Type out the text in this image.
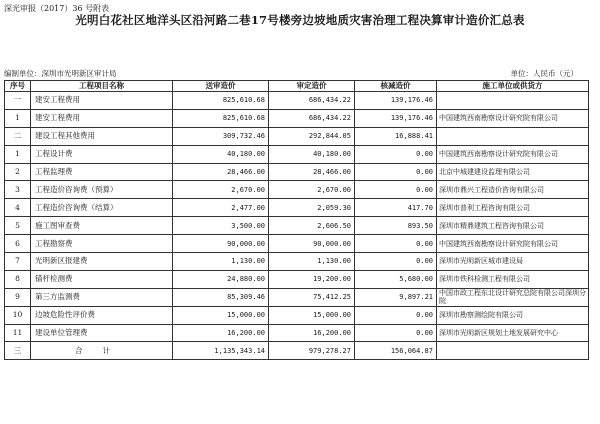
深光审报（2017）36 号附表
光明白花社区地洋头区沿河路二巷17号楼旁边坡地质灾害治理工程决算审计造价汇总表
编制单位：深圳市光明新区审计局	单位：人民币（元）
序号	工程项目名称	送审造价	审定造价	核减造价	施工单位或供货方
一	建安工程费用	825,610.68	686,434.22	139,176.46	
1	建安工程费用	825,610.68	686,434.22	139,176.46	中国建筑西南勘察设计研究院有限公司
二	建设工程其他费用	309,732.46	292,844.05	16,888.41	
1	工程设计费	40,180.00	40,180.00	0.00	中国建筑西南勘察设计研究院有限公司
2	工程监理费	28,466.00	28,466.00	0.00	北京中城建建设监理有限公司
3	工程造价咨询费（预算）	2,670.00	2,670.00	0.00	深圳市鼎兴工程造价咨询有限公司
4	工程造价咨询费（结算）	2,477.00	2,059.30	417.70	深圳市普利工程咨询有限公司
5	施工图审查费	3,500.00	2,606.50	893.50	深圳市精鼎建筑工程咨询有限公司
6	工程勘察费	90,000.00	90,000.00	0.00	中国建筑西南勘察设计研究院有限公司
7	光明新区报建费	1,130.00	1,130.00	0.00	深圳市光明新区城市建设局
8	锚杆检测费	24,880.00	19,200.00	5,680.00	深圳市铁科检测工程有限公司
9	第三方监测费	85,309.46	75,412.25	9,897.21	中国市政工程东北设计研究总院有限公司深圳分院
10	边坡危险性评价费	15,000.00	15,000.00	0.00	深圳市勘察测绘院有限公司
11	建设单位管理费	16,200.00	16,200.00	0.00	深圳市光明新区规划土地发展研究中心
三	合计	1,135,343.14	979,278.27	156,064.87	
